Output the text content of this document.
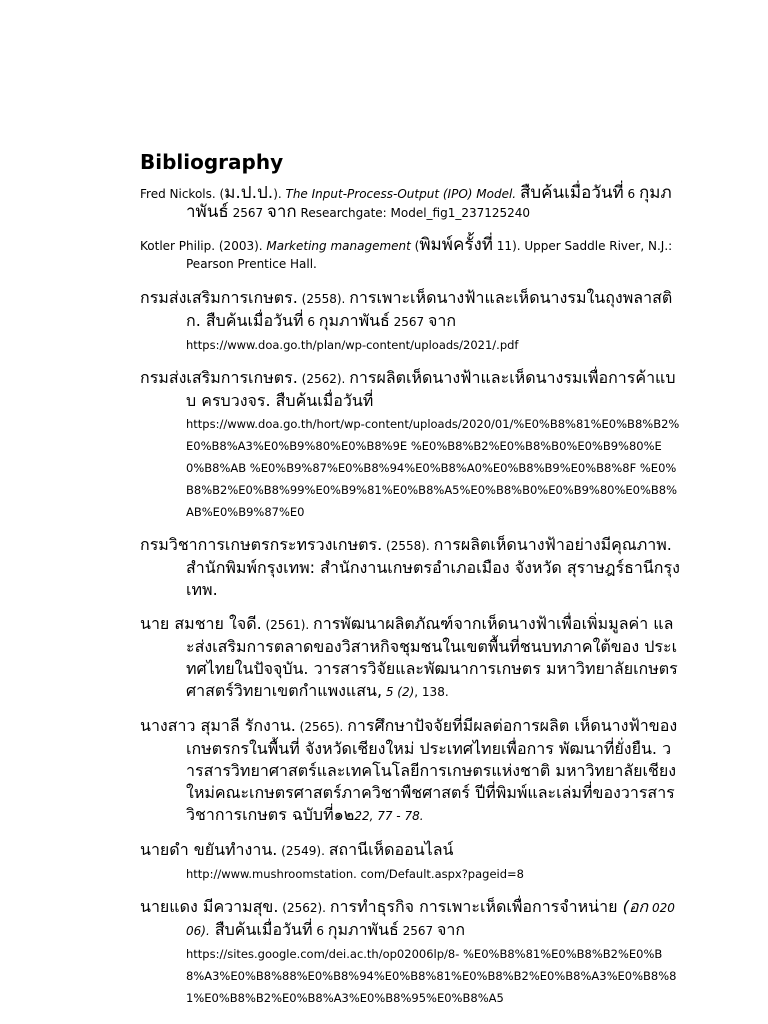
Bibliography

Fred Nickols. (ม.ป.ป.). The Input-Process-Output (IPO) Model. สืบค้นเมื่อวันที่ 6 กุมภาพันธ์ 2567 จาก Researchgate: Model_fig1_237125240

Kotler Philip. (2003). Marketing management (พิมพ์ครั้งที่ 11). Upper Saddle River, N.J.: Pearson Prentice Hall.

กรมส่งเสริมการเกษตร. (2558). การเพาะเห็ดนางฟ้าและเห็ดนางรมในถุงพลาสติก. สืบค้นเมื่อวันที่ 6 กุมภาพันธ์ 2567 จาก
https://www.doa.go.th/plan/wp-content/uploads/2021/.pdf

กรมส่งเสริมการเกษตร. (2562). การผลิตเห็ดนางฟ้าและเห็ดนางรมเพื่อการค้าแบบ ครบวงจร. สืบค้นเมื่อวันที่
https://www.doa.go.th/hort/wp-content/uploads/2020/01/%E0%B8%81%E0%B8%B2%E0%B8%A3%E0%B9%80%E0%B8%9E %E0%B8%B2%E0%B8%B0%E0%B9%80%E0%B8%AB %E0%B9%87%E0%B8%94%E0%B8%A0%E0%B8%B9%E0%B8%8F %E0%B8%B2%E0%B8%99%E0%B9%81%E0%B8%A5%E0%B8%B0%E0%B9%80%E0%B8%AB%E0%B9%87%E0

กรมวิชาการเกษตรกระทรวงเกษตร. (2558). การผลิตเห็ดนางฟ้าอย่างมีคุณภาพ. สำนักพิมพ์กรุงเทพ: สำนักงานเกษตรอำเภอเมือง จังหวัด สุราษฎร์ธานีกรุงเทพ.

นาย สมชาย ใจดี. (2561). การพัฒนาผลิตภัณฑ์จากเห็ดนางฟ้าเพื่อเพิ่มมูลค่า และส่งเสริมการตลาดของวิสาหกิจชุมชนในเขตพื้นที่ชนบทภาคใต้ของ ประเทศไทยในปัจจุบัน. วารสารวิจัยและพัฒนาการเกษตร มหาวิทยาลัยเกษตรศาสตร์วิทยาเขตกำแพงแสน, 5 (2), 138.

นางสาว สุมาลี รักงาน. (2565). การศึกษาปัจจัยที่มีผลต่อการผลิต เห็ดนางฟ้าของเกษตรกรในพื้นที่ จังหวัดเชียงใหม่ ประเทศไทยเพื่อการ พัฒนาที่ยั่งยืน. วารสารวิทยาศาสตร์และเทคโนโลยีการเกษตรแห่งชาติ มหาวิทยาลัยเชียงใหม่คณะเกษตรศาสตร์ภาควิชาพืชศาสตร์ ปีที่พิมพ์และเล่มที่ของวารสารวิชาการเกษตร ฉบับที่๑๒22, 77 - 78.

นายดำ ขยันทำงาน. (2549). สถานีเห็ดออนไลน์
http://www.mushroomstation. com/Default.aspx?pageid=8

นายแดง มีความสุข. (2562). การทำธุรกิจ การเพาะเห็ดเพื่อการจำหน่าย (อก 02006). สืบค้นเมื่อวันที่ 6 กุมภาพันธ์ 2567 จาก
https://sites.google.com/dei.ac.th/op02006lp/8- %E0%B8%81%E0%B8%B2%E0%B8%A3%E0%B8%88%E0%B8%94%E0%B8%81%E0%B8%B2%E0%B8%A3%E0%B8%81%E0%B8%B2%E0%B8%A3%E0%B8%95%E0%B8%A5
